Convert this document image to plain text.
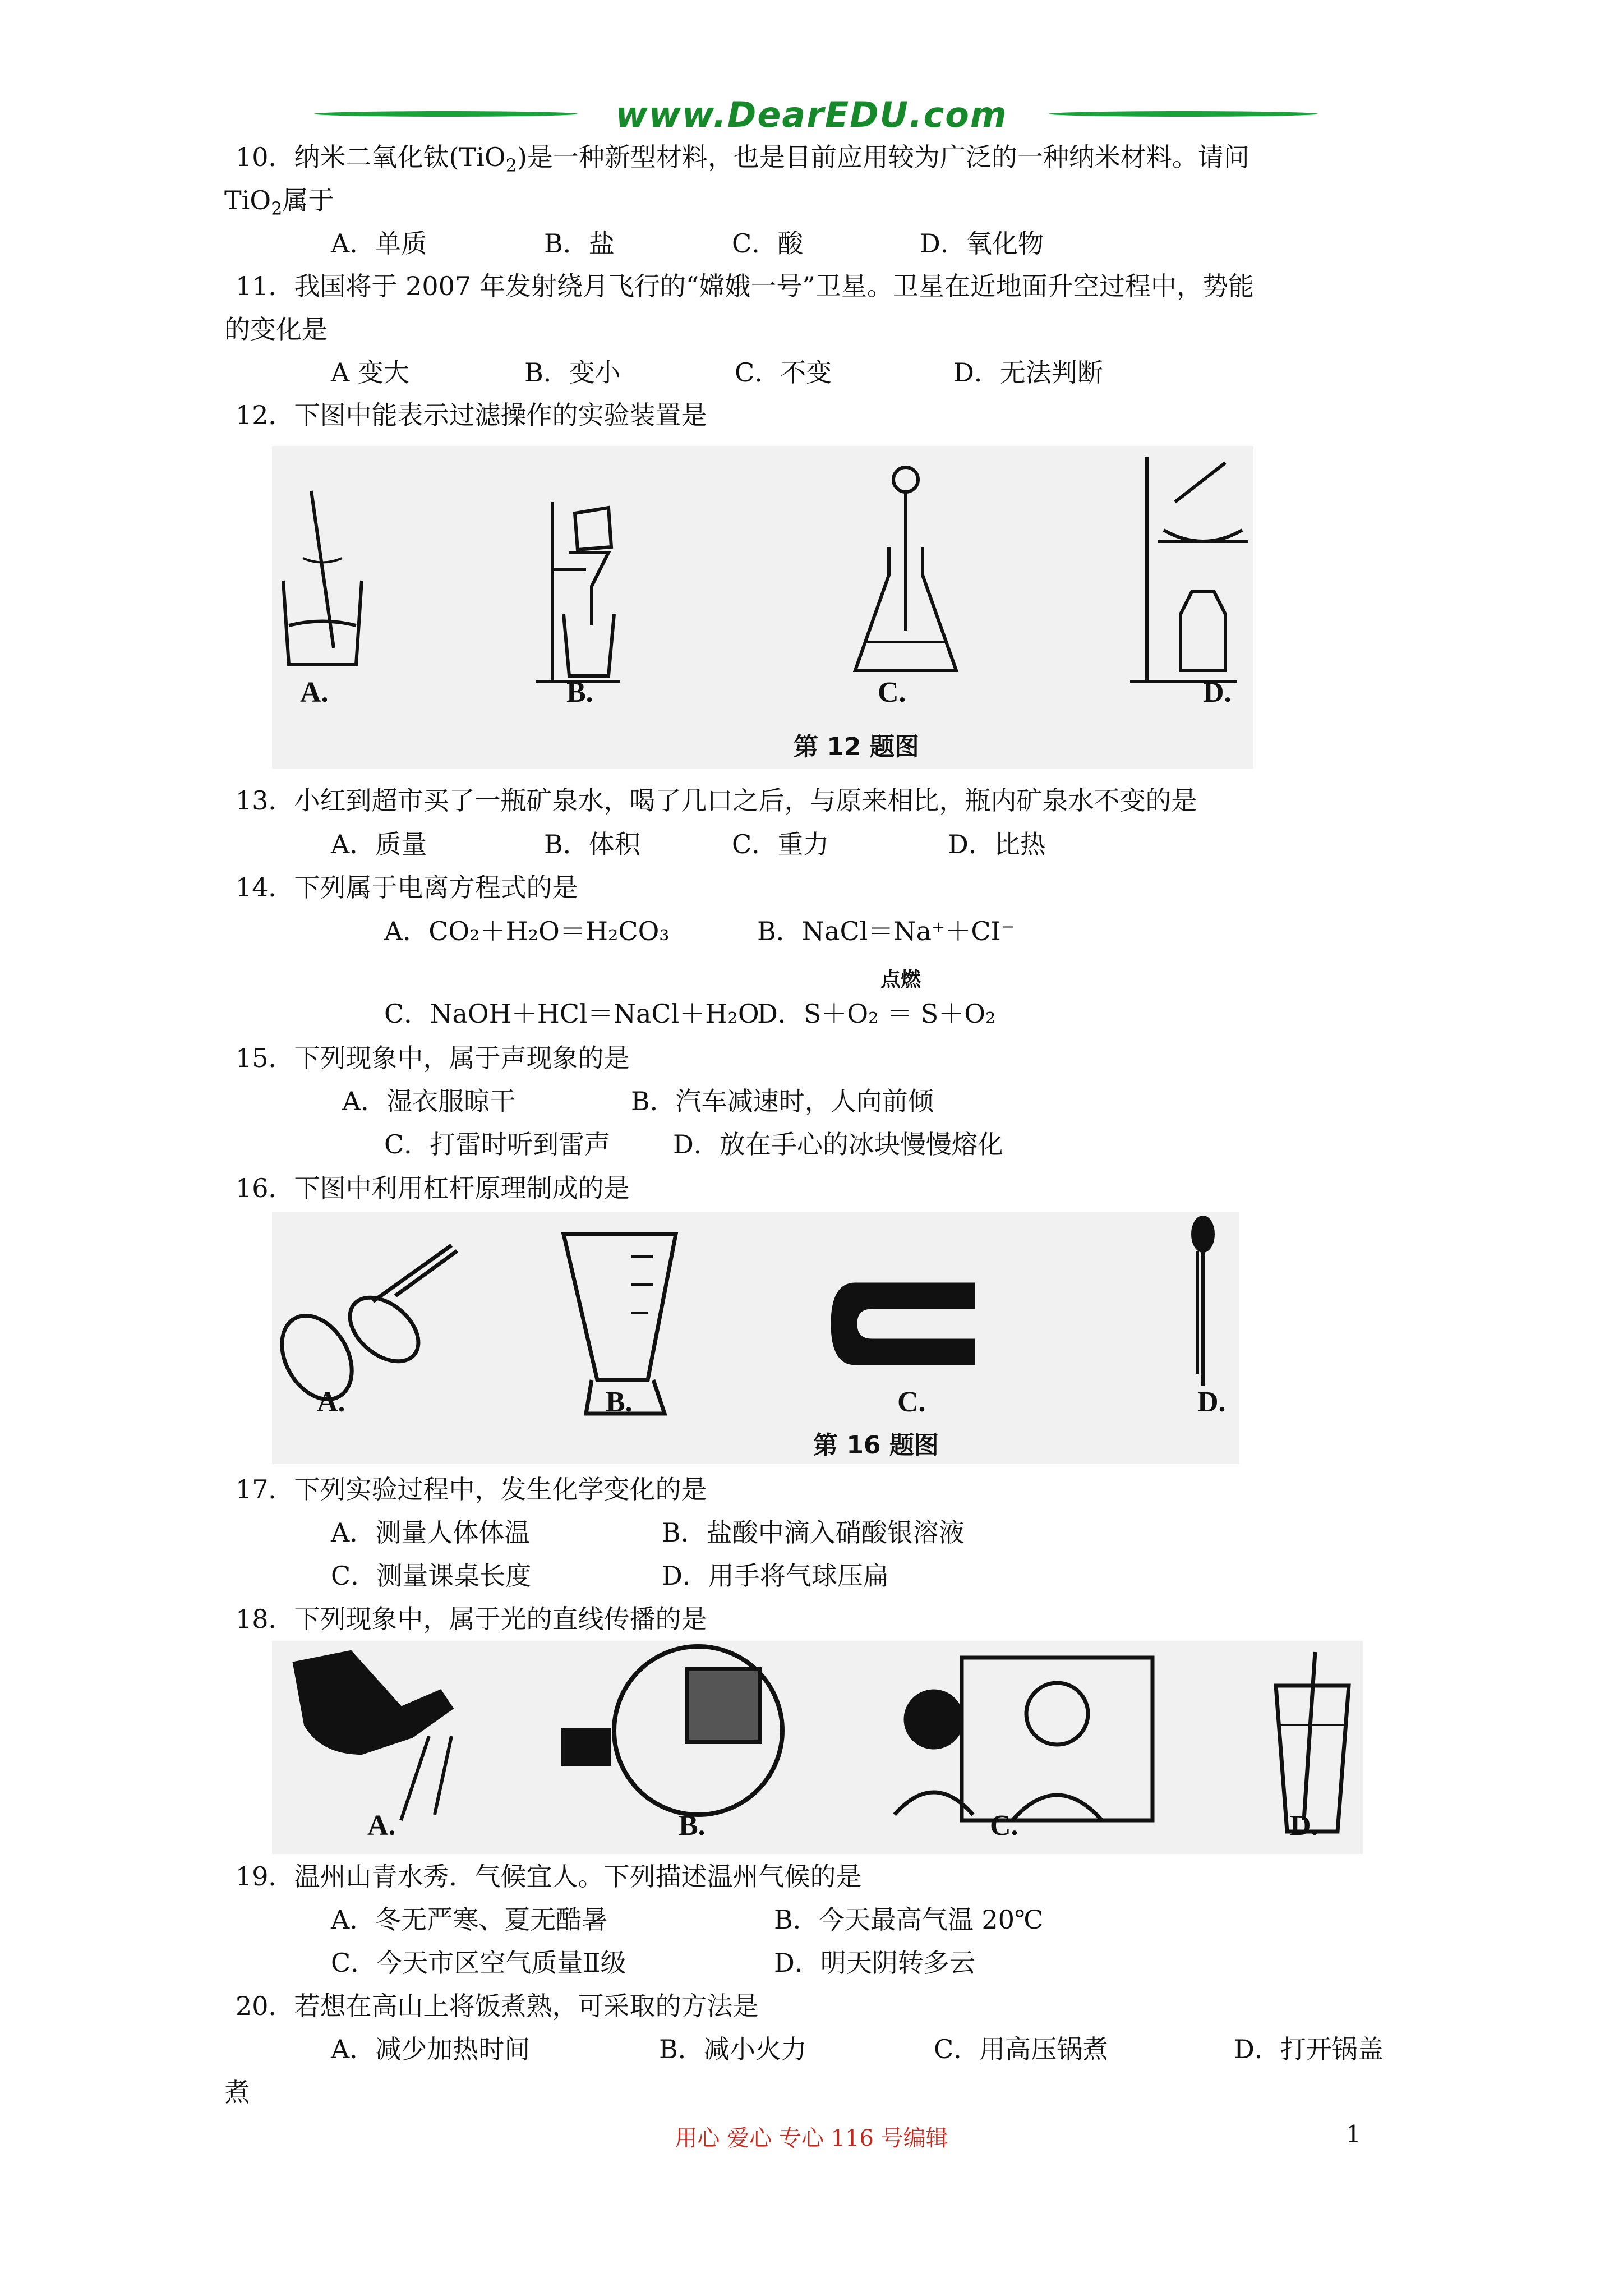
www.DearEDU.com
10．纳米二氧化钛(TiO$_2$)是一种新型材料，也是目前应用较为广泛的一种纳米材料。请问
TiO$_2$属于
A．单质	B．盐	C．酸	D．氧化物
11．我国将于 2007 年发射绕月飞行的“嫦娥一号”卫星。卫星在近地面升空过程中，势能
的变化是
A 变大	B．变小	C．不变	D．无法判断
12．下图中能表示过滤操作的实验装置是
A.	B.	C.	D.
第 12 题图
13．小红到超市买了一瓶矿泉水，喝了几口之后，与原来相比，瓶内矿泉水不变的是
A．质量	B．体积	C．重力	D．比热
14．下列属于电离方程式的是
A．CO₂＋H₂O＝H₂CO₃	B．NaCl＝Na⁺＋CI⁻
点燃
C．NaOH＋HCl＝NaCl＋H₂O
D．S＋O₂ ＝ S＋O₂
15．下列现象中，属于声现象的是
A．湿衣服晾干	B．汽车减速时，人向前倾
C．打雷时听到雷声 D．放在手心的冰块慢慢熔化
16．下图中利用杠杆原理制成的是
A.	B.	C.	D.
第 16 题图
17．下列实验过程中，发生化学变化的是
A．测量人体体温	B．盐酸中滴入硝酸银溶液
C．测量课桌长度	D．用手将气球压扁
18．下列现象中，属于光的直线传播的是
A.	B.	C.	D.
19．温州山青水秀．气候宜人。下列描述温州气候的是
A．冬无严寒、夏无酷暑	B．今天最高气温 20℃
C．今天市区空气质量Ⅱ级	D．明天阴转多云
20．若想在高山上将饭煮熟，可采取的方法是
A．减少加热时间	B．减小火力	C．用高压锅煮	D．打开锅盖
煮
用心 爱心 专心 116 号编辑	1
